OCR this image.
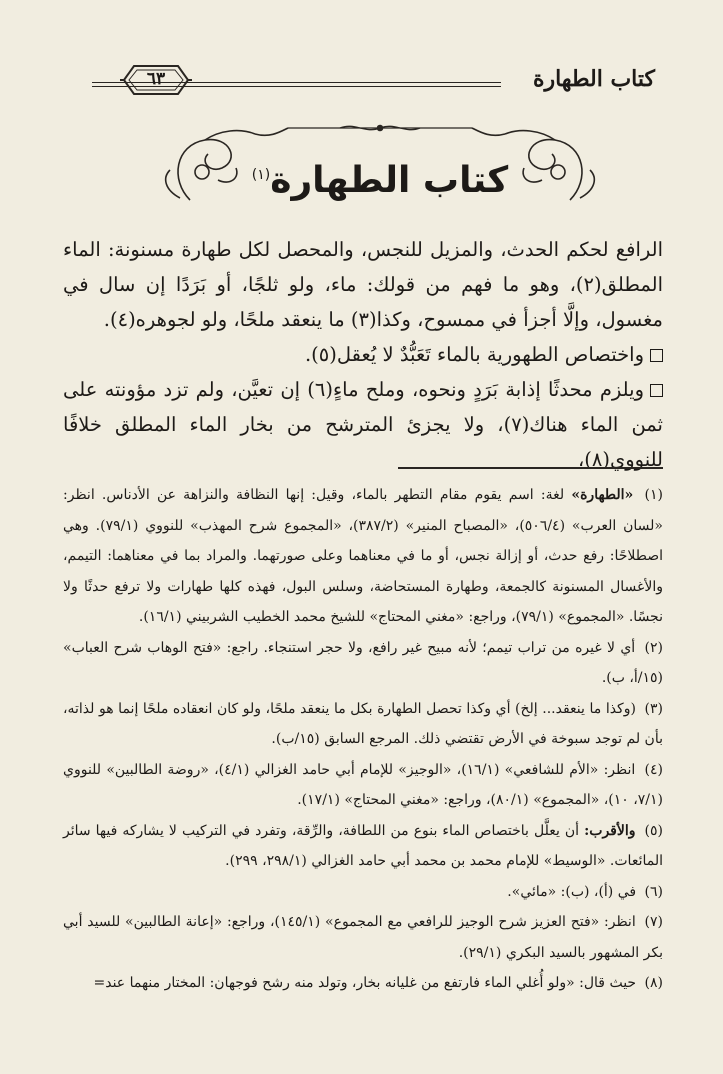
كتاب الطهارة
٦٣
كتاب الطهارة$^{(١)}$

الرافع لحكم الحدث، والمزيل للنجس، والمحصل لكل طهارة مسنونة: الماء المطلق(٢)، وهو ما فهم من قولك: ماء، ولو ثلجًا، أو بَرَدًا إن سال في مغسول، وإلَّا أجزأ في ممسوح، وكذا(٣) ما ينعقد ملحًا، ولو لجوهره(٤).

واختصاص الطهورية بالماء تَعَبُّدٌ لا يُعقل(٥).

ويلزم محدثًا إذابة بَرَدٍ ونحوه، وملح ماءٍ(٦) إن تعيَّن، ولم تزد مؤونته على ثمن الماء هناك(٧)، ولا يجزئ المترشح من بخار الماء المطلق خلافًا للنووي(٨)،

(١) «الطهارة» لغة: اسم يقوم مقام التطهر بالماء، وقيل: إنها النظافة والنزاهة عن الأدناس. انظر: «لسان العرب» (٥٠٦/٤)، «المصباح المنير» (٣٨٧/٢)، «المجموع شرح المهذب» للنووي (٧٩/١). وهي اصطلاحًا: رفع حدث، أو إزالة نجس، أو ما في معناهما وعلى صورتهما. والمراد بما في معناهما: التيمم، والأغسال المسنونة كالجمعة، وطهارة المستحاضة، وسلس البول، فهذه كلها طهارات ولا ترفع حدثًا ولا نجسًا. «المجموع» (٧٩/١)، وراجع: «مغني المحتاج» للشيخ محمد الخطيب الشربيني (١٦/١).

(٢) أي لا غيره من تراب تيمم؛ لأنه مبيح غير رافع، ولا حجر استنجاء. راجع: «فتح الوهاب شرح العباب» (١٥/أ، ب).

(٣) (وكذا ما ينعقد... إلخ) أي وكذا تحصل الطهارة بكل ما ينعقد ملحًا، ولو كان انعقاده ملحًا إنما هو لذاته، بأن لم توجد سبوخة في الأرض تقتضي ذلك. المرجع السابق (١٥/ب).

(٤) انظر: «الأم للشافعي» (١٦/١)، «الوجيز» للإمام أبي حامد الغزالي (٤/١)، «روضة الطالبين» للنووي (٧/١، ١٠)، «المجموع» (٨٠/١)، وراجع: «مغني المحتاج» (١٧/١).

(٥) والأقرب: أن يعلَّل باختصاص الماء بنوع من اللطافة، والرِّقة، وتفرد في التركيب لا يشاركه فيها سائر المائعات. «الوسيط» للإمام محمد بن محمد أبي حامد الغزالي (٢٩٨/١، ٢٩٩).

(٦) في (أ)، (ب): «مائي».

(٧) انظر: «فتح العزيز شرح الوجيز للرافعي مع المجموع» (١٤٥/١)، وراجع: «إعانة الطالبين» للسيد أبي بكر المشهور بالسيد البكري (٢٩/١).

(٨) حيث قال: «ولو أُغلي الماء فارتفع من غليانه بخار، وتولد منه رشح فوجهان: المختار منهما عند=
